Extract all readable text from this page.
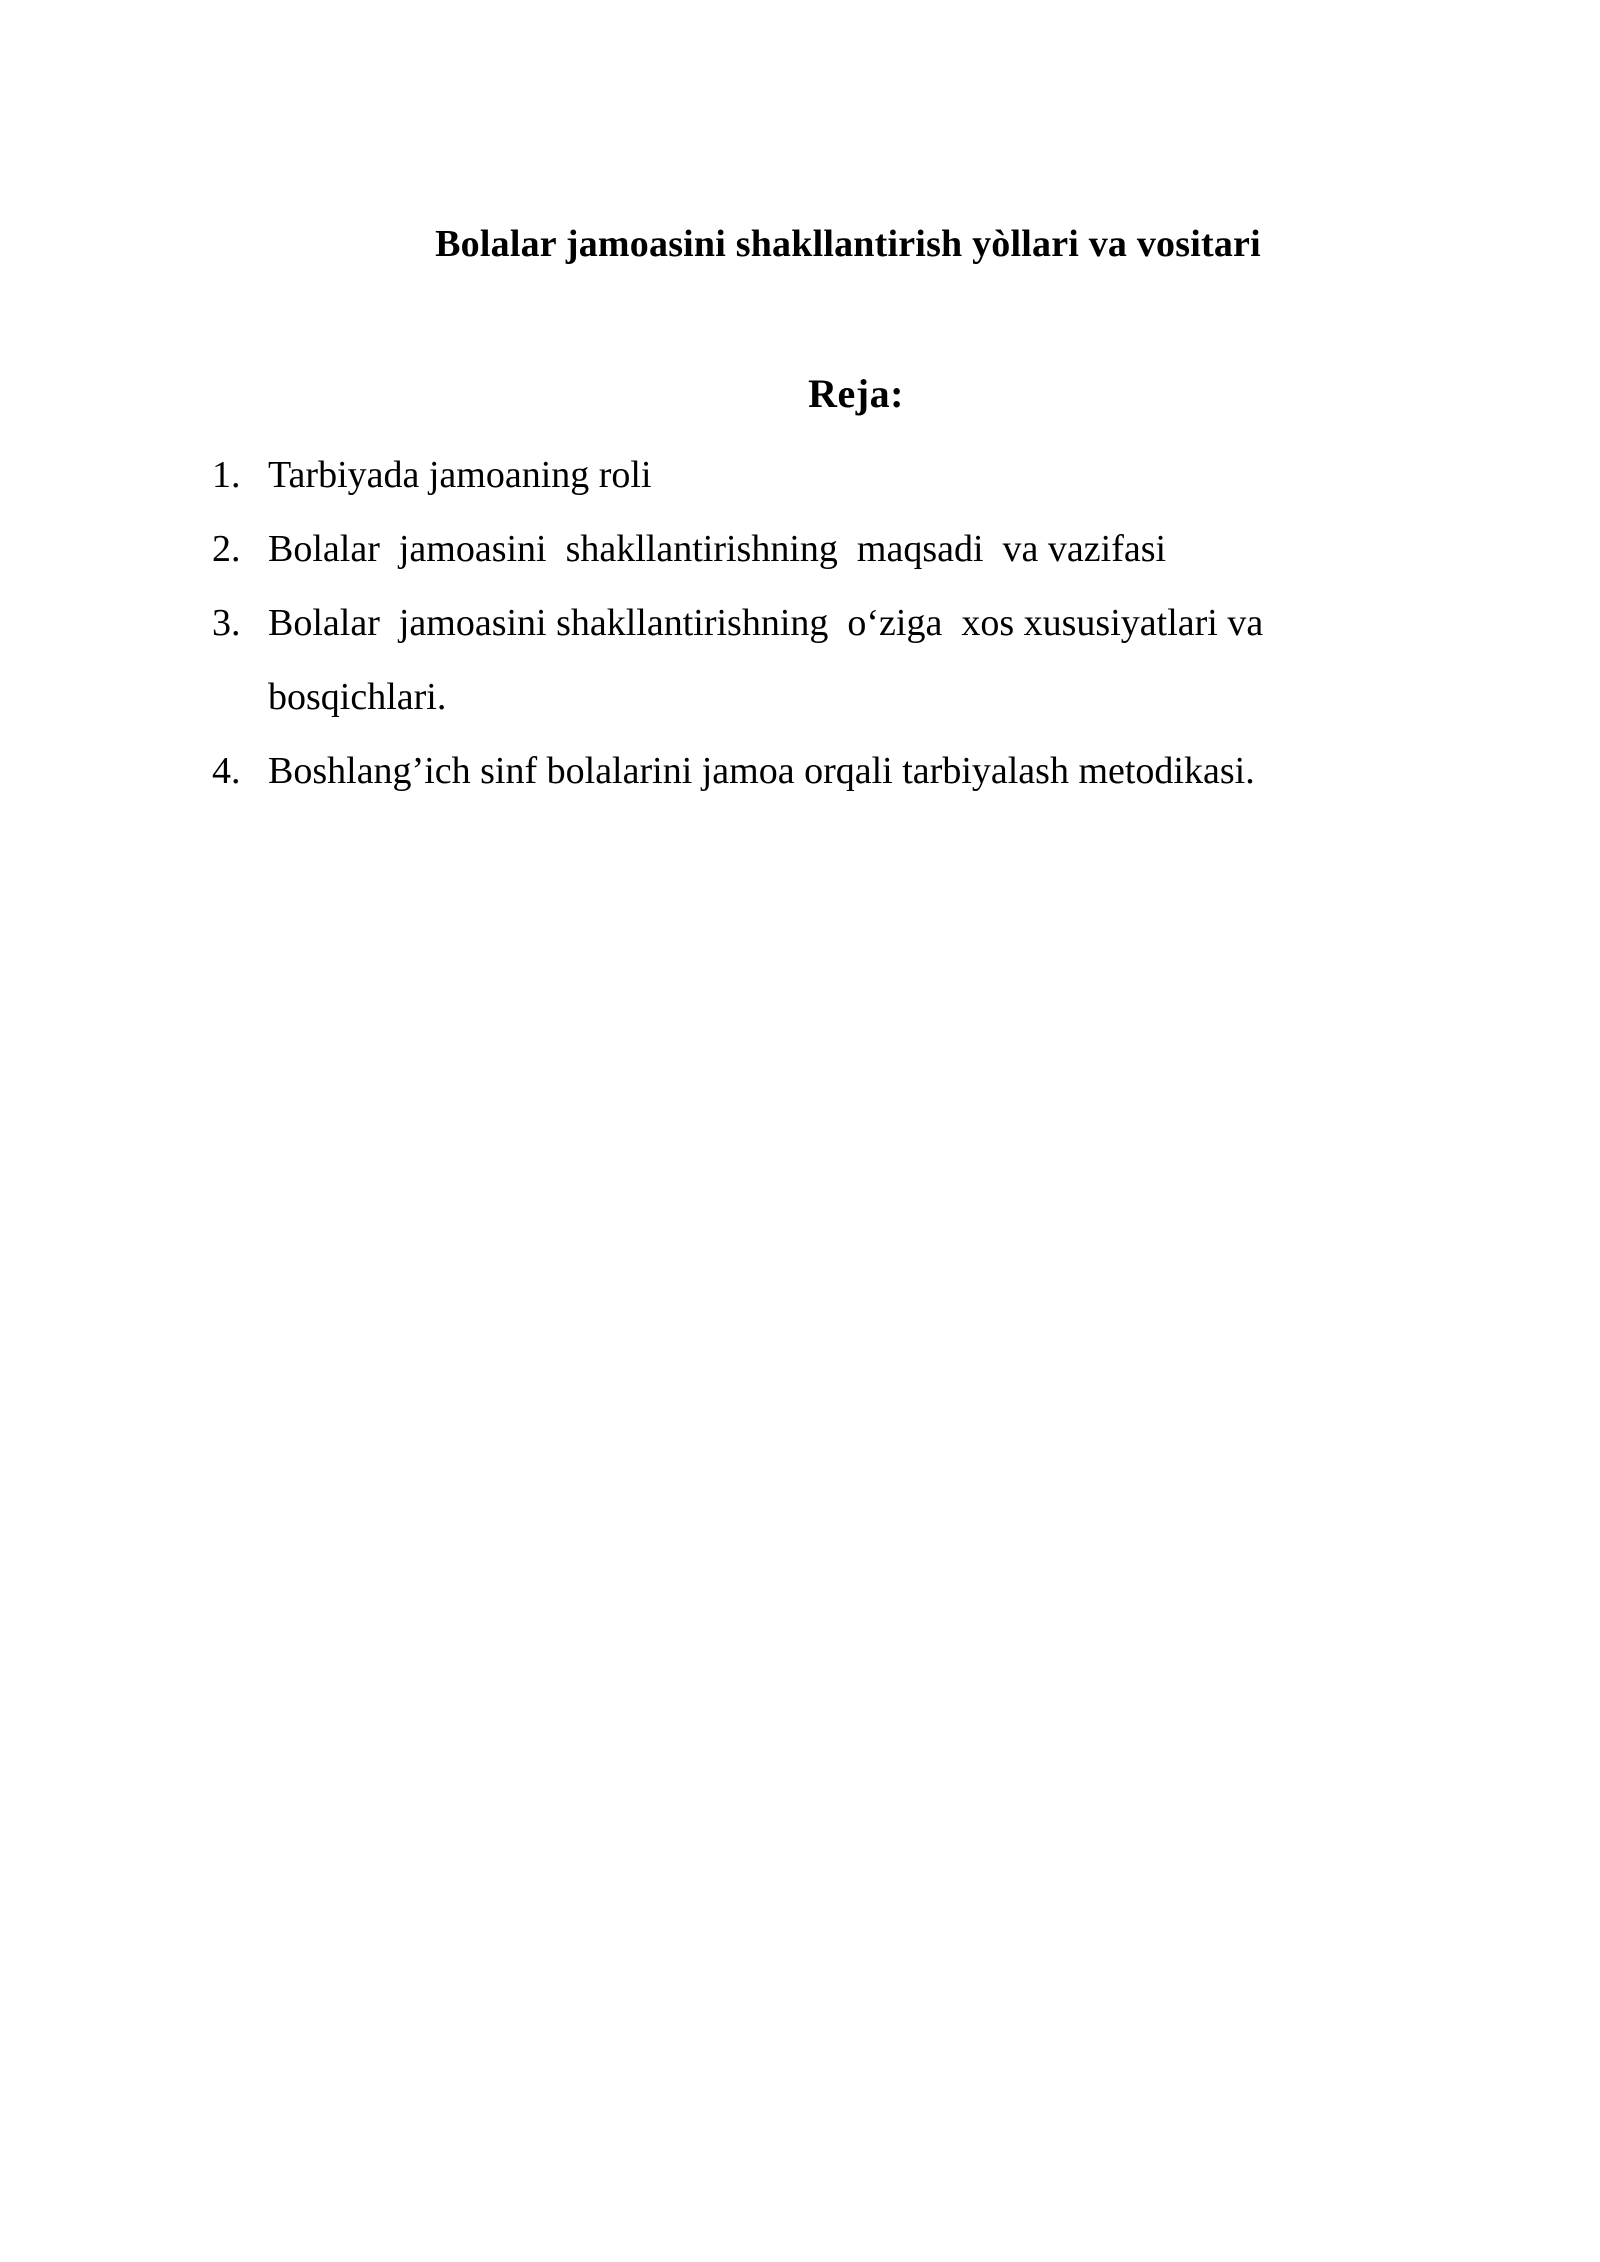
Bolalar jamoasini shakllantirish yòllari va vositari
Reja:
1. Tarbiyada jamoaning roli
2. Bolalar  jamoasini  shakllantirishning  maqsadi  va vazifasi
3. Bolalar  jamoasini shakllantirishning  o‘ziga  xos xususiyatlari va bosqichlari.
4. Boshlang’ich sinf bolalarini jamoa orqali tarbiyalash metodikasi.
